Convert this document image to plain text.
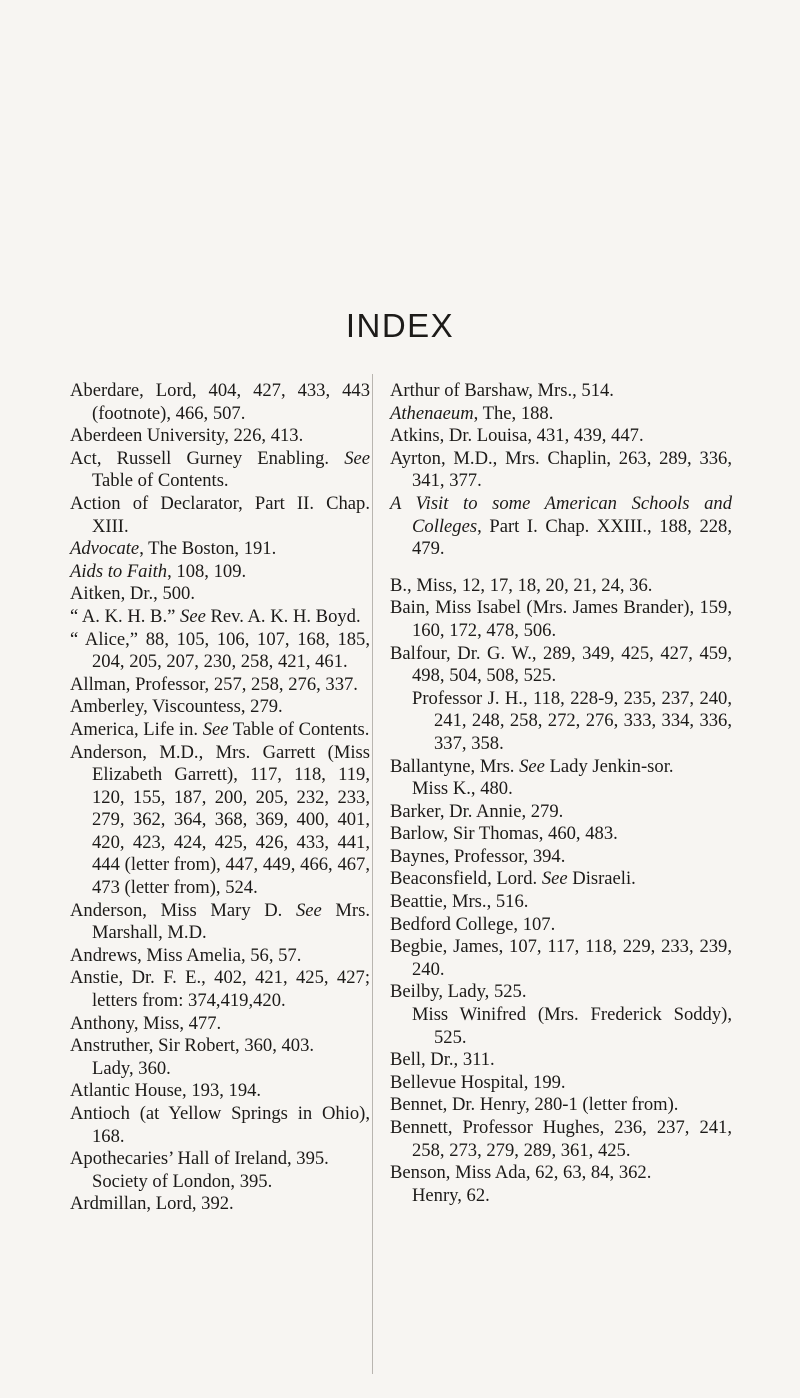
INDEX

Aberdare, Lord, 404, 427, 433, 443 (footnote), 466, 507.

Aberdeen University, 226, 413.

Act, Russell Gurney Enabling. See Table of Contents.

Action of Declarator, Part II. Chap. XIII.

Advocate, The Boston, 191.

Aids to Faith, 108, 109.

Aitken, Dr., 500.

“ A. K. H. B.” See Rev. A. K. H. Boyd.

“ Alice,” 88, 105, 106, 107, 168, 185, 204, 205, 207, 230, 258, 421, 461.

Allman, Professor, 257, 258, 276, 337.

Amberley, Viscountess, 279.

America, Life in. See Table of Contents.

Anderson, M.D., Mrs. Garrett (Miss Elizabeth Garrett), 117, 118, 119, 120, 155, 187, 200, 205, 232, 233, 279, 362, 364, 368, 369, 400, 401, 420, 423, 424, 425, 426, 433, 441, 444 (letter from), 447, 449, 466, 467, 473 (letter from), 524.

Anderson, Miss Mary D. See Mrs. Marshall, M.D.

Andrews, Miss Amelia, 56, 57.

Anstie, Dr. F. E., 402, 421, 425, 427; letters from: 374,419,420.

Anthony, Miss, 477.

Anstruther, Sir Robert, 360, 403.

Lady, 360.

Atlantic House, 193, 194.

Antioch (at Yellow Springs in Ohio), 168.

Apothecaries’ Hall of Ireland, 395.

Society of London, 395.

Ardmillan, Lord, 392.

Arthur of Barshaw, Mrs., 514.

Athenaeum, The, 188.

Atkins, Dr. Louisa, 431, 439, 447.

Ayrton, M.D., Mrs. Chaplin, 263, 289, 336, 341, 377.

A Visit to some American Schools and Colleges, Part I. Chap. XXIII., 188, 228, 479.

B., Miss, 12, 17, 18, 20, 21, 24, 36.

Bain, Miss Isabel (Mrs. James Brander), 159, 160, 172, 478, 506.

Balfour, Dr. G. W., 289, 349, 425, 427, 459, 498, 504, 508, 525.

Professor J. H., 118, 228-9, 235, 237, 240, 241, 248, 258, 272, 276, 333, 334, 336, 337, 358.

Ballantyne, Mrs. See Lady Jenkin-sor.

Miss K., 480.

Barker, Dr. Annie, 279.

Barlow, Sir Thomas, 460, 483.

Baynes, Professor, 394.

Beaconsfield, Lord. See Disraeli.

Beattie, Mrs., 516.

Bedford College, 107.

Begbie, James, 107, 117, 118, 229, 233, 239, 240.

Beilby, Lady, 525.

Miss Winifred (Mrs. Frederick Soddy), 525.

Bell, Dr., 311.

Bellevue Hospital, 199.

Bennet, Dr. Henry, 280-1 (letter from).

Bennett, Professor Hughes, 236, 237, 241, 258, 273, 279, 289, 361, 425.

Benson, Miss Ada, 62, 63, 84, 362.

Henry, 62.
